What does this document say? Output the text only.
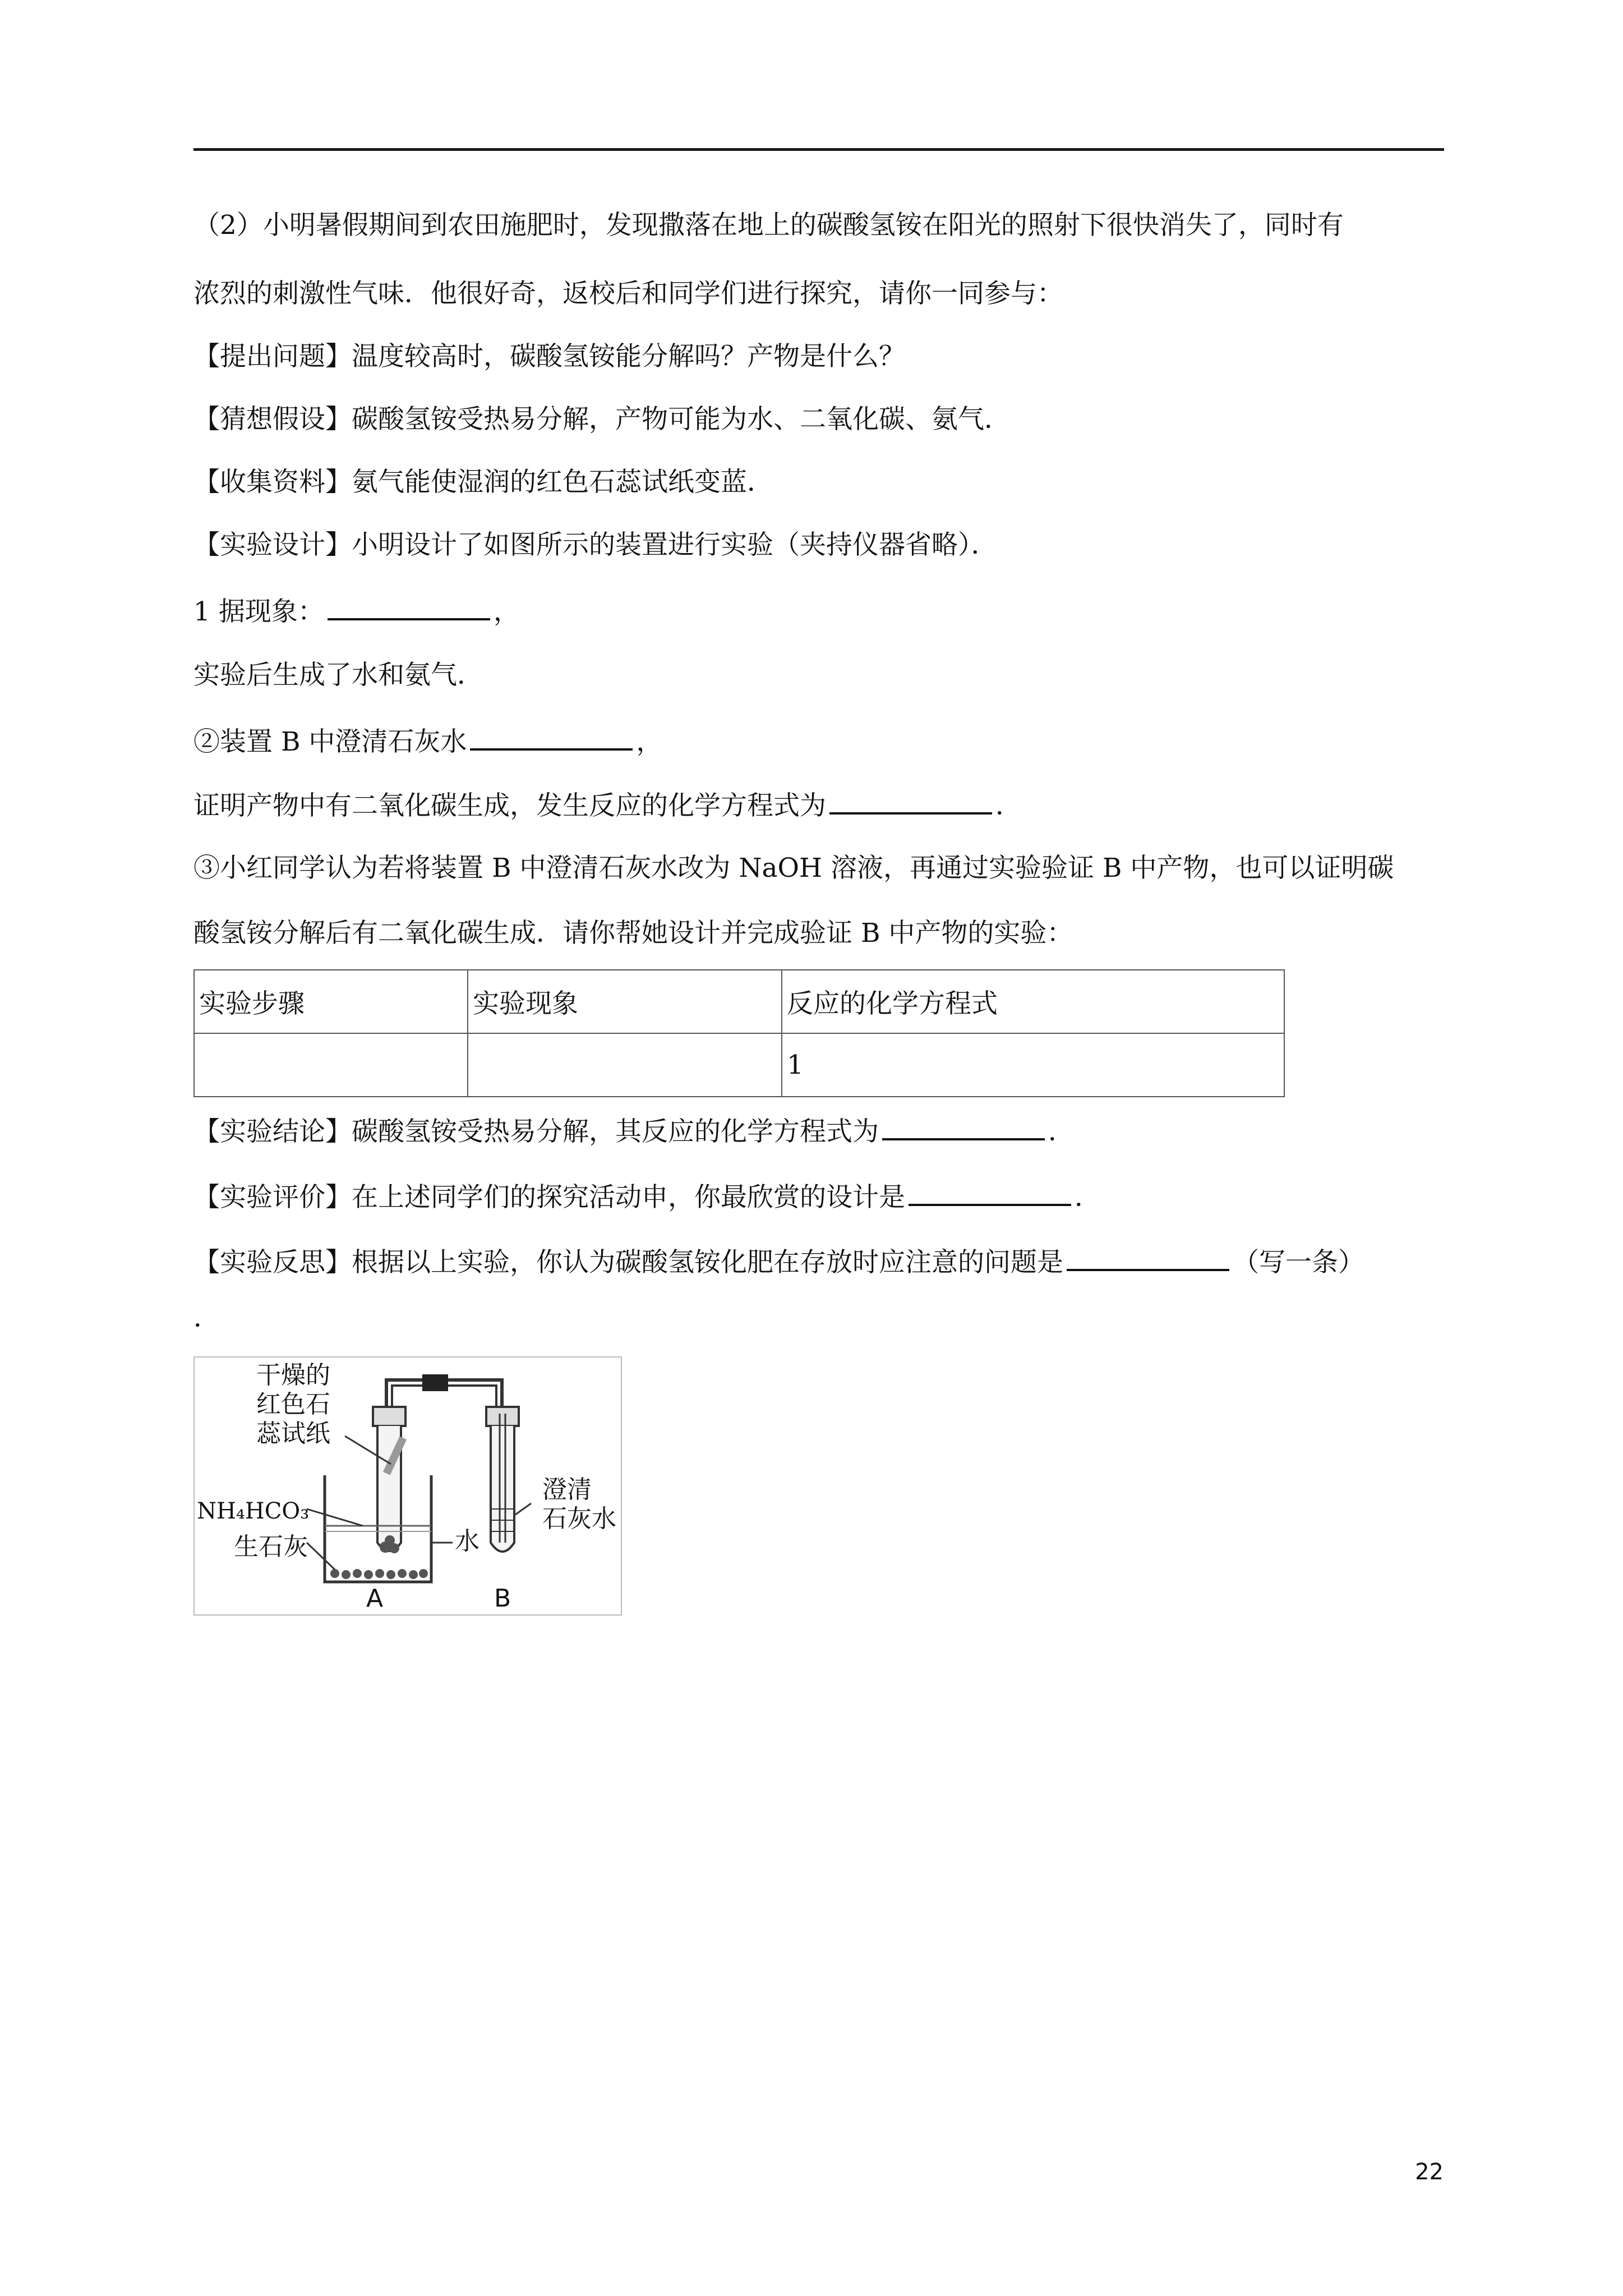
（2）小明暑假期间到农田施肥时，发现撒落在地上的碳酸氢铵在阳光的照射下很快消失了，同时有
浓烈的刺激性气味．他很好奇，返校后和同学们进行探究，请你一同参与：
【提出问题】温度较高时，碳酸氢铵能分解吗？产物是什么？
【猜想假设】碳酸氢铵受热易分解，产物可能为水、二氧化碳、氨气．
【收集资料】氨气能使湿润的红色石蕊试纸变蓝．
【实验设计】小明设计了如图所示的装置进行实验（夹持仪器省略）．
1 据现象：	，
实验后生成了水和氨气．
②装置 B 中澄清石灰水	，
证明产物中有二氧化碳生成，发生反应的化学方程式为	．
③小红同学认为若将装置 B 中澄清石灰水改为 NaOH 溶液，再通过实验验证 B 中产物，也可以证明碳
酸氢铵分解后有二氧化碳生成．请你帮她设计并完成验证 B 中产物的实验：
实验步骤	实验现象	反应的化学方程式
		1
【实验结论】碳酸氢铵受热易分解，其反应的化学方程式为	．
【实验评价】在上述同学们的探究活动申，你最欣赏的设计是	．
【实验反思】根据以上实验，你认为碳酸氢铵化肥在存放时应注意的问题是	（写一条）
．
干燥的
红色石
蕊试纸
NH₄HCO₃
生石灰	水
澄清
石灰水
A	B
22
